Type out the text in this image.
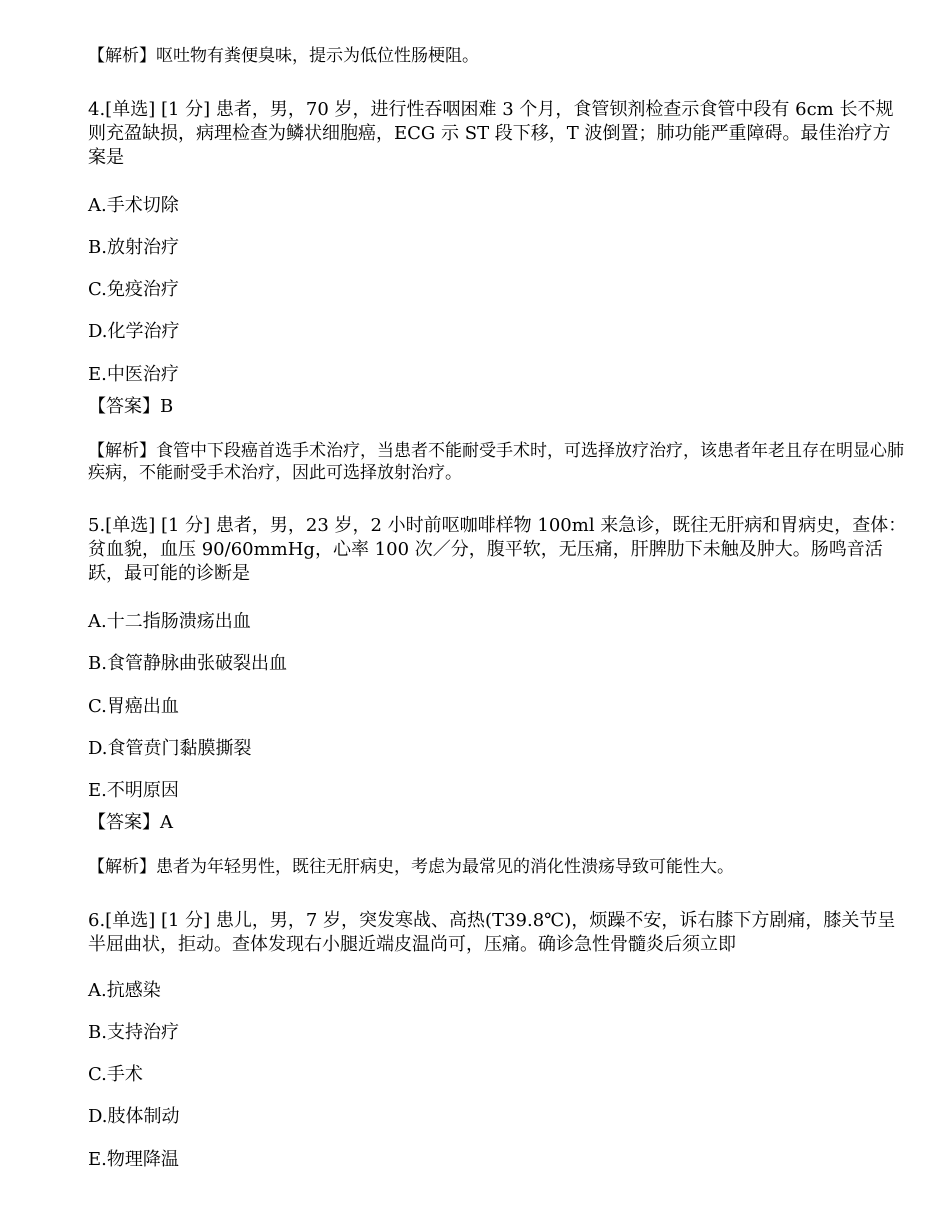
【解析】呕吐物有粪便臭味，提示为低位性肠梗阻。
4.[单选] [1 分] 患者，男，70 岁，进行性吞咽困难 3 个月，食管钡剂检查示食管中段有 6cm 长不规则充盈缺损，病理检查为鳞状细胞癌，ECG 示 ST 段下移，T 波倒置；肺功能严重障碍。最佳治疗方案是
A.手术切除
B.放射治疗
C.免疫治疗
D.化学治疗
E.中医治疗
【答案】B
【解析】食管中下段癌首选手术治疗，当患者不能耐受手术时，可选择放疗治疗，该患者年老且存在明显心肺疾病，不能耐受手术治疗，因此可选择放射治疗。
5.[单选] [1 分] 患者，男，23 岁，2 小时前呕咖啡样物 100ml 来急诊，既往无肝病和胃病史，查体：贫血貌，血压 90/60mmHg，心率 100 次／分，腹平软，无压痛，肝脾肋下未触及肿大。肠鸣音活跃，最可能的诊断是
A.十二指肠溃疡出血
B.食管静脉曲张破裂出血
C.胃癌出血
D.食管贲门黏膜撕裂
E.不明原因
【答案】A
【解析】患者为年轻男性，既往无肝病史，考虑为最常见的消化性溃疡导致可能性大。
6.[单选] [1 分] 患儿，男，7 岁，突发寒战、高热(T39.8℃)，烦躁不安，诉右膝下方剧痛，膝关节呈半屈曲状，拒动。查体发现右小腿近端皮温尚可，压痛。确诊急性骨髓炎后须立即
A.抗感染
B.支持治疗
C.手术
D.肢体制动
E.物理降温
